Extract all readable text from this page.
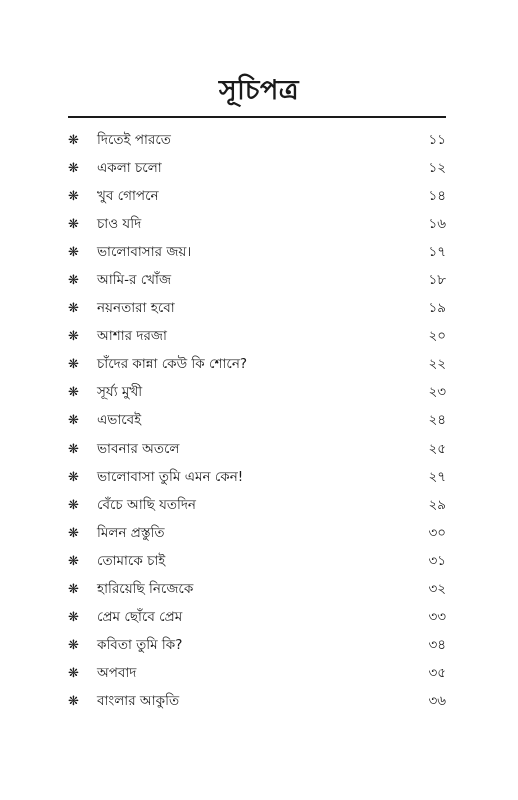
সূচিপত্র
❋	দিতেই পারতে	১১
❋	একলা চলো	১২
❋	খুব গোপনে	১৪
❋	চাও যদি	১৬
❋	ভালোবাসার জয়।	১৭
❋	আমি-র খোঁজ	১৮
❋	নয়নতারা হবো	১৯
❋	আশার দরজা	২০
❋	চাঁদের কান্না কেউ কি শোনে?	২২
❋	সূর্য্য মুখী	২৩
❋	এভাবেই	২৪
❋	ভাবনার অতলে	২৫
❋	ভালোবাসা তুমি এমন কেন!	২৭
❋	বেঁচে আছি যতদিন	২৯
❋	মিলন প্রস্তুতি	৩০
❋	তোমাকে চাই	৩১
❋	হারিয়েছি নিজেকে	৩২
❋	প্রেম ছোঁবে প্রেম	৩৩
❋	কবিতা তুমি কি?	৩৪
❋	অপবাদ	৩৫
❋	বাংলার আকুতি	৩৬
